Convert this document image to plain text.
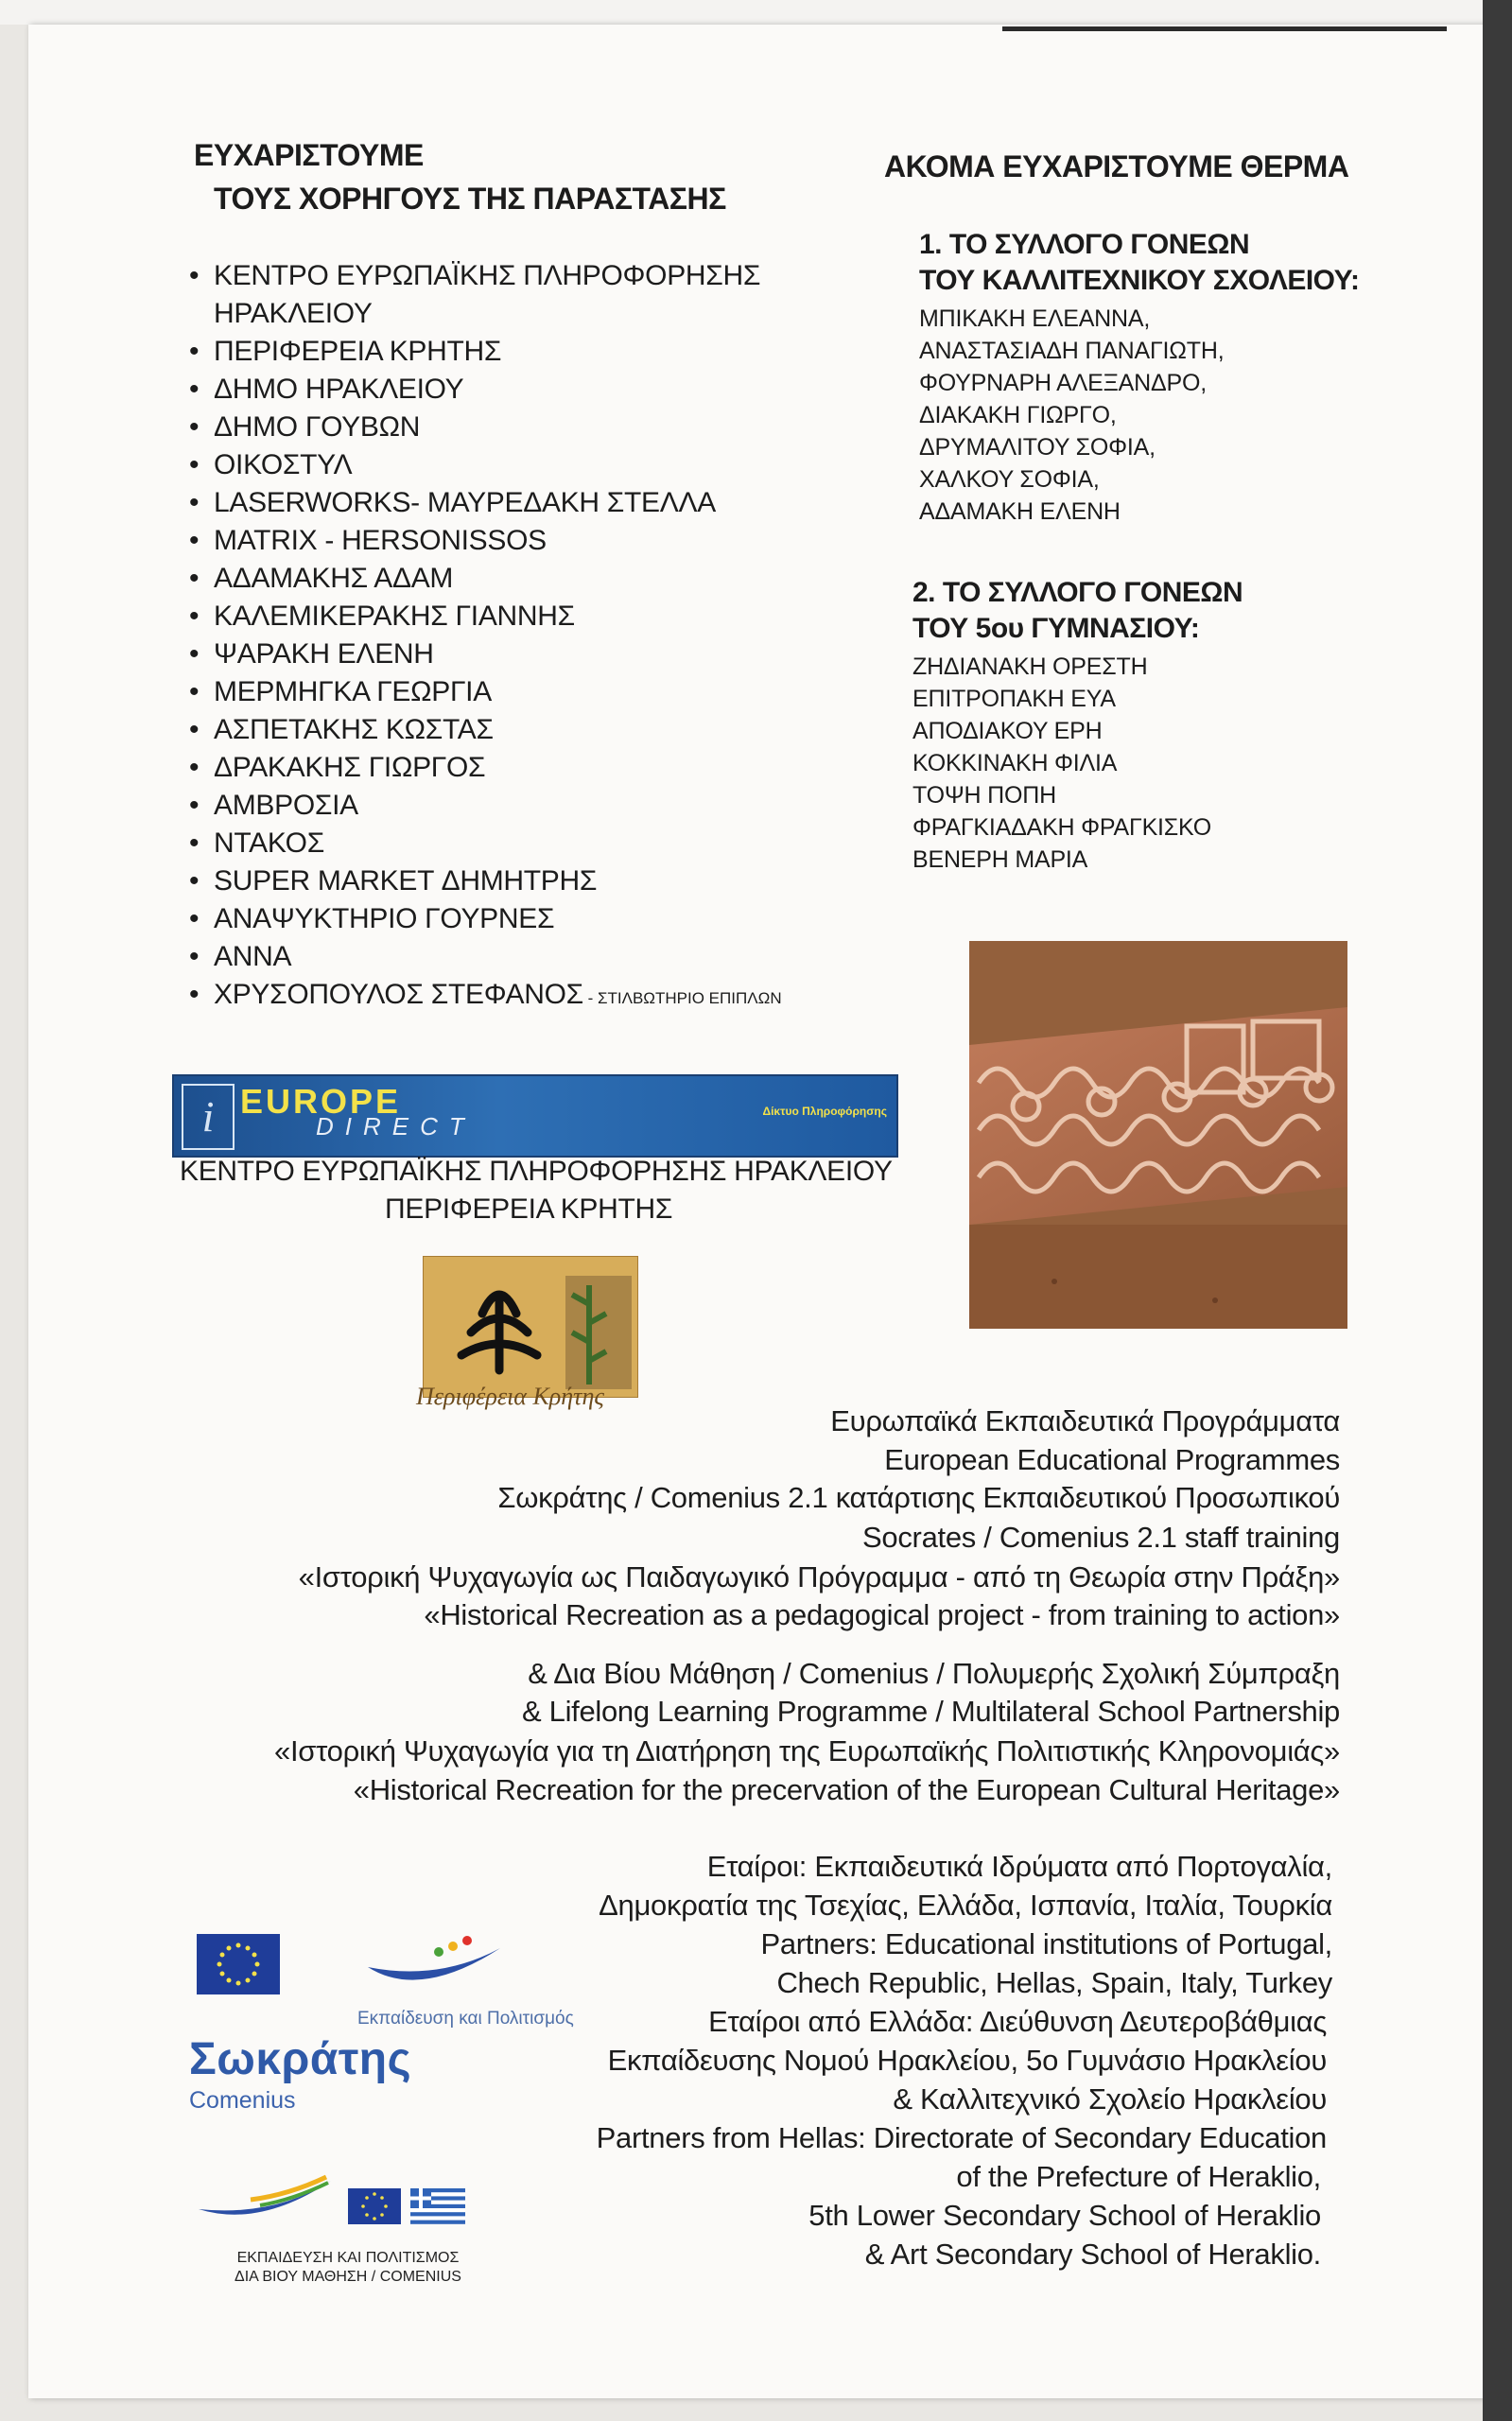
ΕΥΧΑΡΙΣΤΟΥΜΕ
ΤΟΥΣ ΧΟΡΗΓΟΥΣ ΤΗΣ ΠΑΡΑΣΤΑΣΗΣ
• ΚΕΝΤΡΟ ΕΥΡΩΠΑΪΚΗΣ ΠΛΗΡΟΦΟΡΗΣΗΣ
ΗΡΑΚΛΕΙΟΥ
• ΠΕΡΙΦΕΡΕΙΑ ΚΡΗΤΗΣ
• ΔΗΜΟ ΗΡΑΚΛΕΙΟΥ
• ΔΗΜΟ ΓΟΥΒΩΝ
• ΟΙΚΟΣΤΥΛ
• LASERWORKS- ΜΑΥΡΕΔΑΚΗ ΣΤΕΛΛΑ
• MATRIX - HERSONISSOS
• ΑΔΑΜΑΚΗΣ ΑΔΑΜ
• ΚΑΛΕΜΙΚΕΡΑΚΗΣ ΓΙΑΝΝΗΣ
• ΨΑΡΑΚΗ ΕΛΕΝΗ
• ΜΕΡΜΗΓΚΑ ΓΕΩΡΓΙΑ
• ΑΣΠΕΤΑΚΗΣ ΚΩΣΤΑΣ
• ΔΡΑΚΑΚΗΣ ΓΙΩΡΓΟΣ
• ΑΜΒΡΟΣΙΑ
• ΝΤΑΚΟΣ
• SUPER MARKET ΔΗΜΗΤΡΗΣ
• ΑΝΑΨΥΚΤΗΡΙΟ ΓΟΥΡΝΕΣ
• ΑΝΝΑ
• ΧΡΥΣΟΠΟΥΛΟΣ ΣΤΕΦΑΝΟΣ - ΣΤΙΛΒΩΤΗΡΙΟ ΕΠΙΠΛΩΝ
ΑΚΟΜΑ ΕΥΧΑΡΙΣΤΟΥΜΕ ΘΕΡΜΑ
1. ΤΟ ΣΥΛΛΟΓΟ ΓΟΝΕΩΝ
ΤΟΥ ΚΑΛΛΙΤΕΧΝΙΚΟΥ ΣΧΟΛΕΙΟΥ:
ΜΠΙΚΑΚΗ ΕΛΕΑΝΝΑ,
ΑΝΑΣΤΑΣΙΑΔΗ ΠΑΝΑΓΙΩΤΗ,
ΦΟΥΡΝΑΡΗ ΑΛΕΞΑΝΔΡΟ,
ΔΙΑΚΑΚΗ ΓΙΩΡΓΟ,
ΔΡΥΜΑΛΙΤΟΥ ΣΟΦΙΑ,
ΧΑΛΚΟΥ ΣΟΦΙΑ,
ΑΔΑΜΑΚΗ ΕΛΕΝΗ
2. ΤΟ ΣΥΛΛΟΓΟ ΓΟΝΕΩΝ
ΤΟΥ 5ου ΓΥΜΝΑΣΙΟΥ:
ΖΗΔΙΑΝΑΚΗ ΟΡΕΣΤΗ
ΕΠΙΤΡΟΠΑΚΗ ΕΥΑ
ΑΠΟΔΙΑΚΟΥ ΕΡΗ
ΚΟΚΚΙΝΑΚΗ ΦΙΛΙΑ
ΤΟΨΗ ΠΟΠΗ
ΦΡΑΓΚΙΑΔΑΚΗ ΦΡΑΓΚΙΣΚΟ
ΒΕΝΕΡΗ ΜΑΡΙΑ
i EUROPE
DIRECT
Δίκτυο Πληροφόρησης
ΚΕΝΤΡΟ ΕΥΡΩΠΑΪΚΗΣ ΠΛΗΡΟΦΟΡΗΣΗΣ ΗΡΑΚΛΕΙΟΥ
ΠΕΡΙΦΕΡΕΙΑ ΚΡΗΤΗΣ
Περιφέρεια Κρήτης
Ευρωπαϊκά Εκπαιδευτικά Προγράμματα
European Educational Programmes
Σωκράτης / Comenius 2.1 κατάρτισης Εκπαιδευτικού Προσωπικού
Socrates / Comenius 2.1 staff training
«Ιστορική Ψυχαγωγία ως Παιδαγωγικό Πρόγραμμα - από τη Θεωρία στην Πράξη»
«Historical Recreation as a pedagogical project - from training to action»
& Δια Βίου Μάθηση / Comenius / Πολυμερής Σχολική Σύμπραξη
& Lifelong Learning Programme / Multilateral School Partnership
«Ιστορική Ψυχαγωγία για τη Διατήρηση της Ευρωπαϊκής Πολιτιστικής Κληρονομιάς»
«Historical Recreation for the precervation of the European Cultural Heritage»
Εταίροι: Εκπαιδευτικά Ιδρύματα από Πορτογαλία,
Δημοκρατία της Τσεχίας, Ελλάδα, Ισπανία, Ιταλία, Τουρκία
Partners: Educational institutions of Portugal,
Chech Republic, Hellas, Spain, Italy, Turkey
Εταίροι από Ελλάδα: Διεύθυνση Δευτεροβάθμιας
Εκπαίδευσης Νομού Ηρακλείου, 5ο Γυμνάσιο Ηρακλείου
& Καλλιτεχνικό Σχολείο Ηρακλείου
Partners from Hellas: Directorate of Secondary Education
of the Prefecture of Heraklio,
5th Lower Secondary School of Heraklio
& Art Secondary School of Heraklio.
Εκπαίδευση και Πολιτισμός
Σωκράτης
Comenius
ΕΚΠΑΙΔΕΥΣΗ ΚΑΙ ΠΟΛΙΤΙΣΜΟΣ
ΔΙΑ ΒΙΟΥ ΜΑΘΗΣΗ / COMENIUS
